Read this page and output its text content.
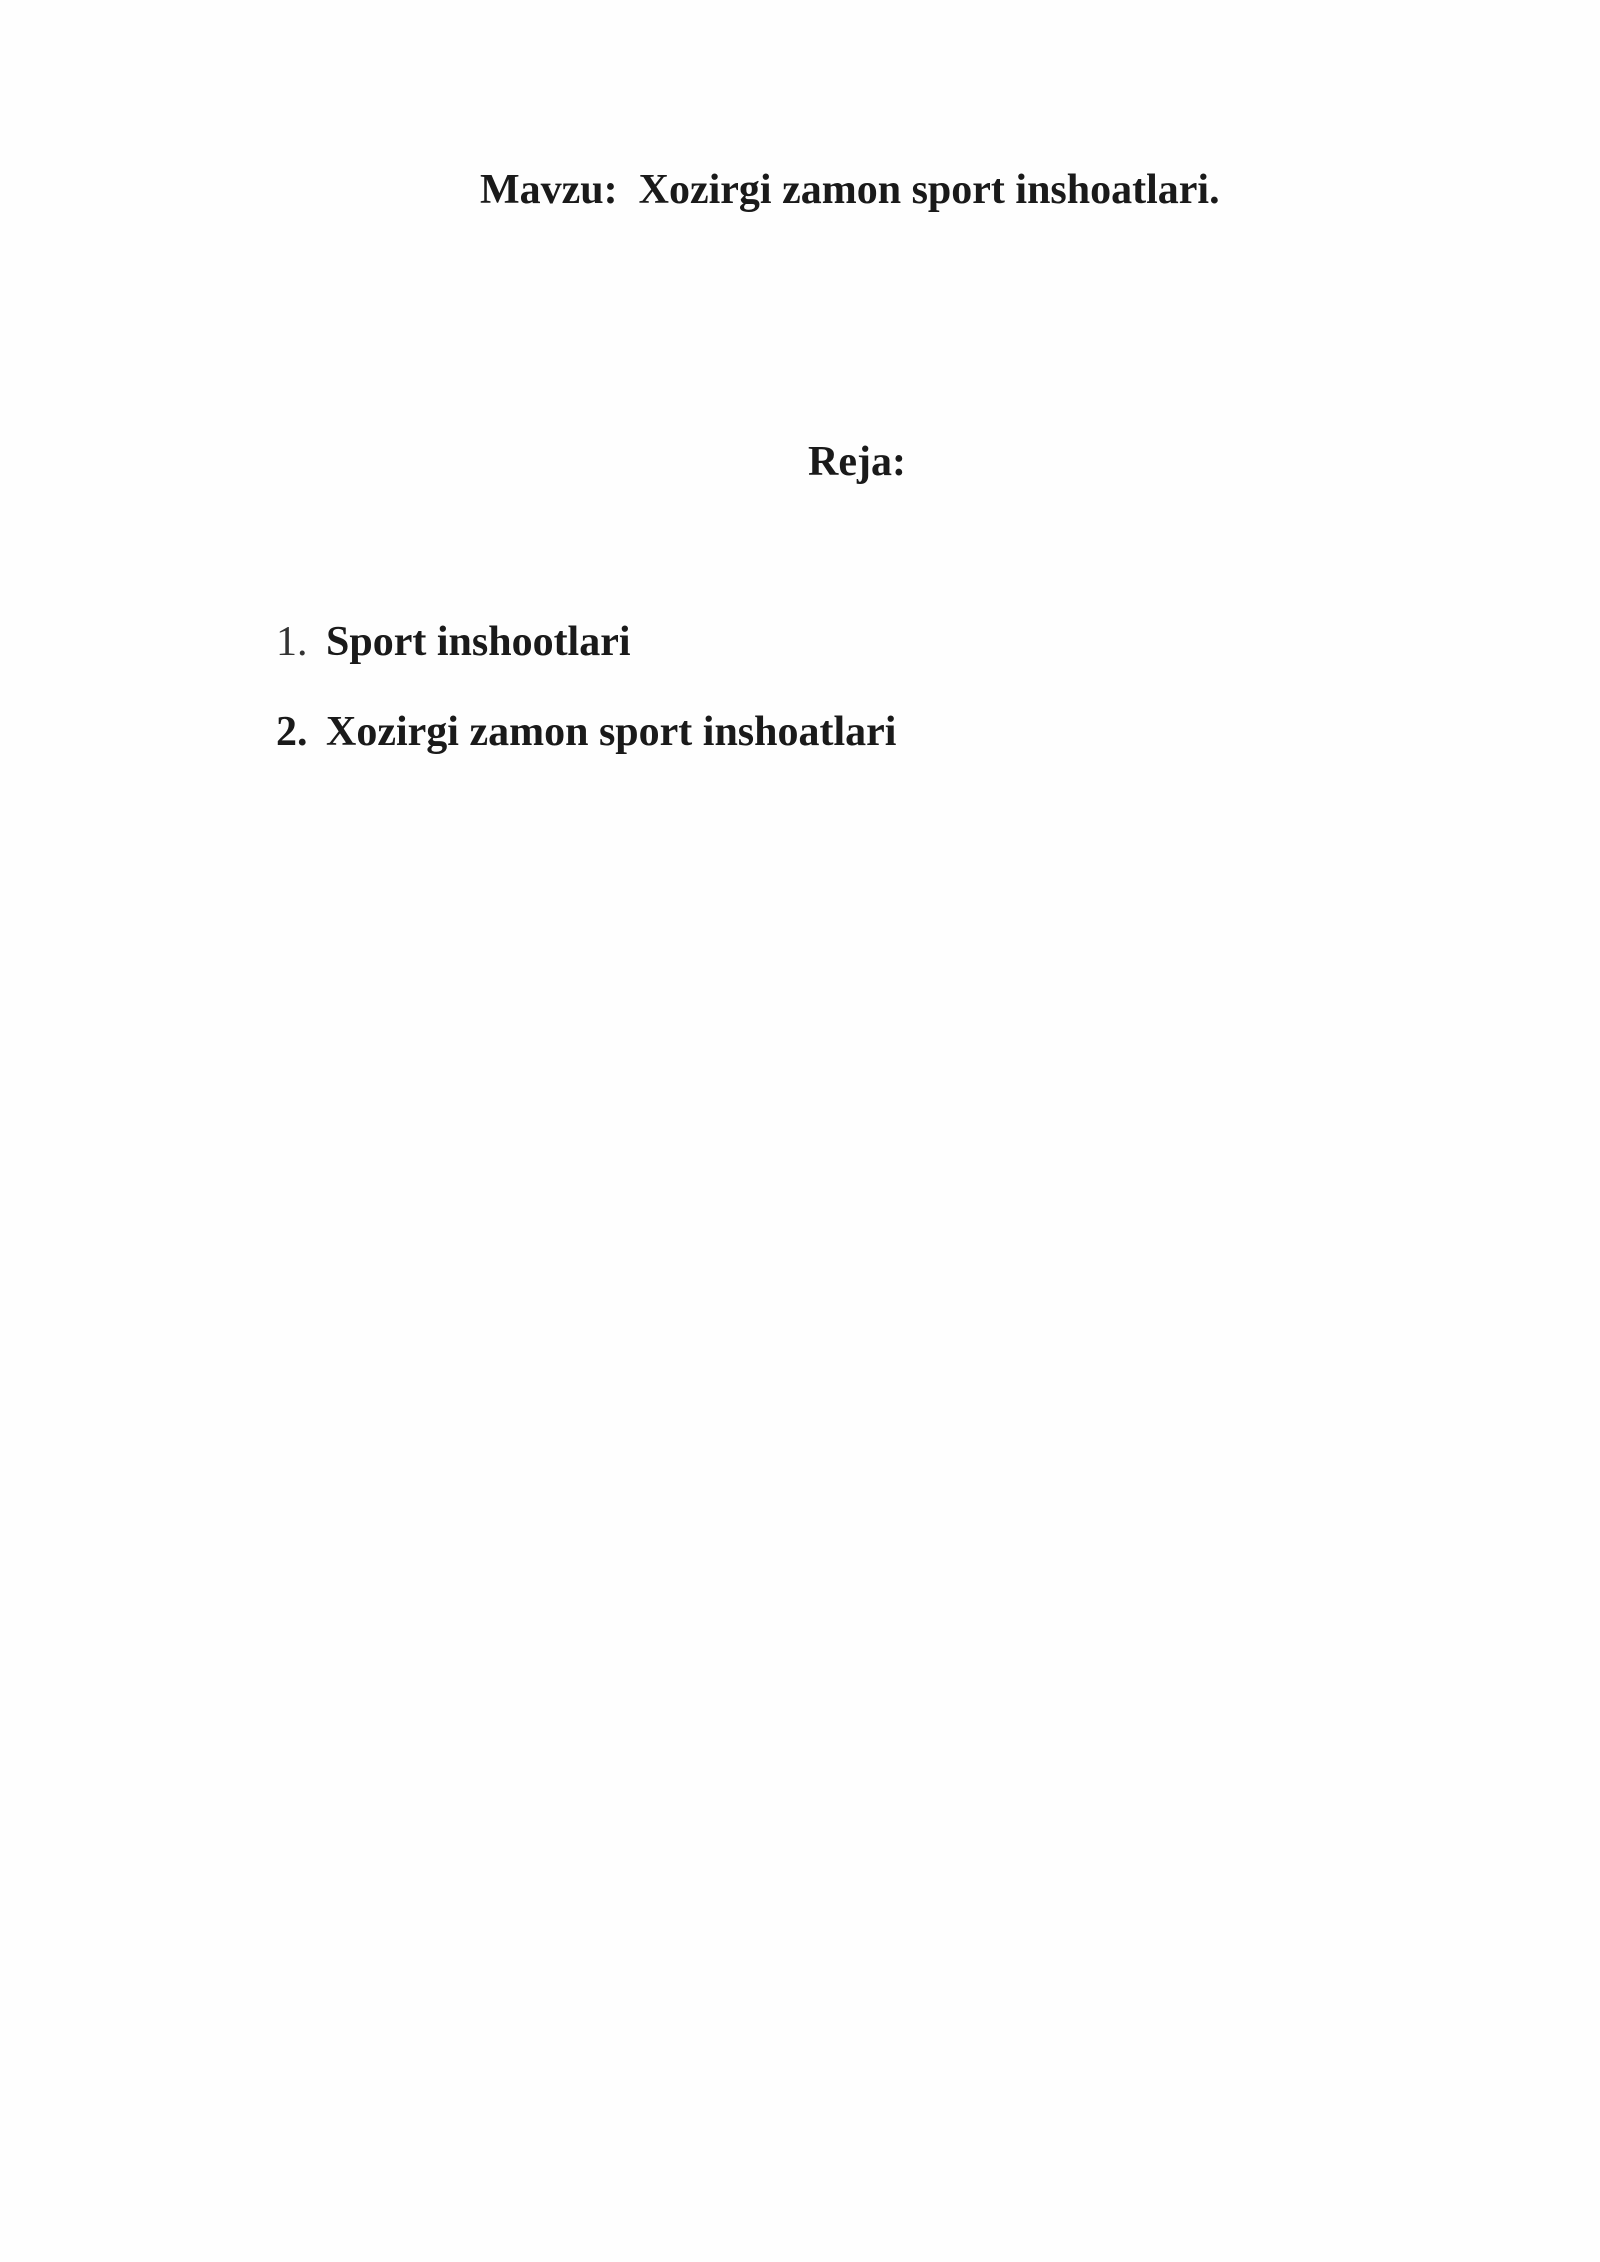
Mavzu:  Xozirgi zamon sport inshoatlari.
Reja:
1. Sport inshootlari
2. Xozirgi zamon sport inshoatlari
